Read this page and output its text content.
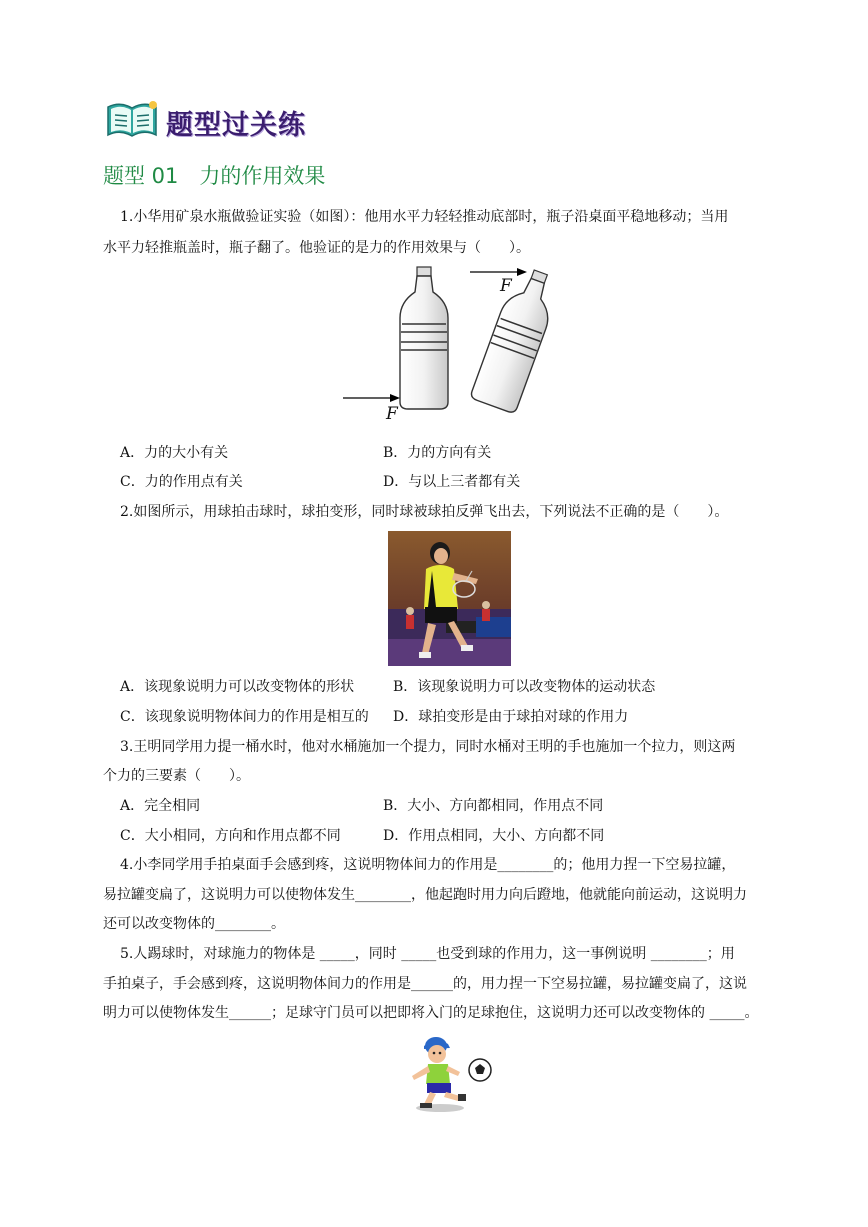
题型过关练
题型 01　力的作用效果
1.小华用矿泉水瓶做验证实验（如图）：他用水平力轻轻推动底部时，瓶子沿桌面平稳地移动；当用
水平力轻推瓶盖时，瓶子翻了。他验证的是力的作用效果与（　　）。
F
F
A．力的大小有关	B．力的方向有关
C．力的作用点有关	D．与以上三者都有关
2.如图所示，用球拍击球时，球拍变形，同时球被球拍反弹飞出去，下列说法不正确的是（　　）。
A．该现象说明力可以改变物体的形状	B．该现象说明力可以改变物体的运动状态
C．该现象说明物体间力的作用是相互的 D．球拍变形是由于球拍对球的作用力
3.王明同学用力提一桶水时，他对水桶施加一个提力，同时水桶对王明的手也施加一个拉力，则这两
个力的三要素（　　）。
A．完全相同	B．大小、方向都相同，作用点不同
C．大小相同，方向和作用点都不同	D．作用点相同，大小、方向都不同
4.小李同学用手拍桌面手会感到疼，这说明物体间力的作用是________的；他用力捏一下空易拉罐，
易拉罐变扁了，这说明力可以使物体发生________，他起跑时用力向后蹬地，他就能向前运动，这说明力
还可以改变物体的________。
5.人踢球时，对球施力的物体是 _____，同时 _____也受到球的作用力，这一事例说明 ________；用
手拍桌子，手会感到疼，这说明物体间力的作用是______的，用力捏一下空易拉罐，易拉罐变扁了，这说
明力可以使物体发生______；足球守门员可以把即将入门的足球抱住，这说明力还可以改变物体的 _____。
